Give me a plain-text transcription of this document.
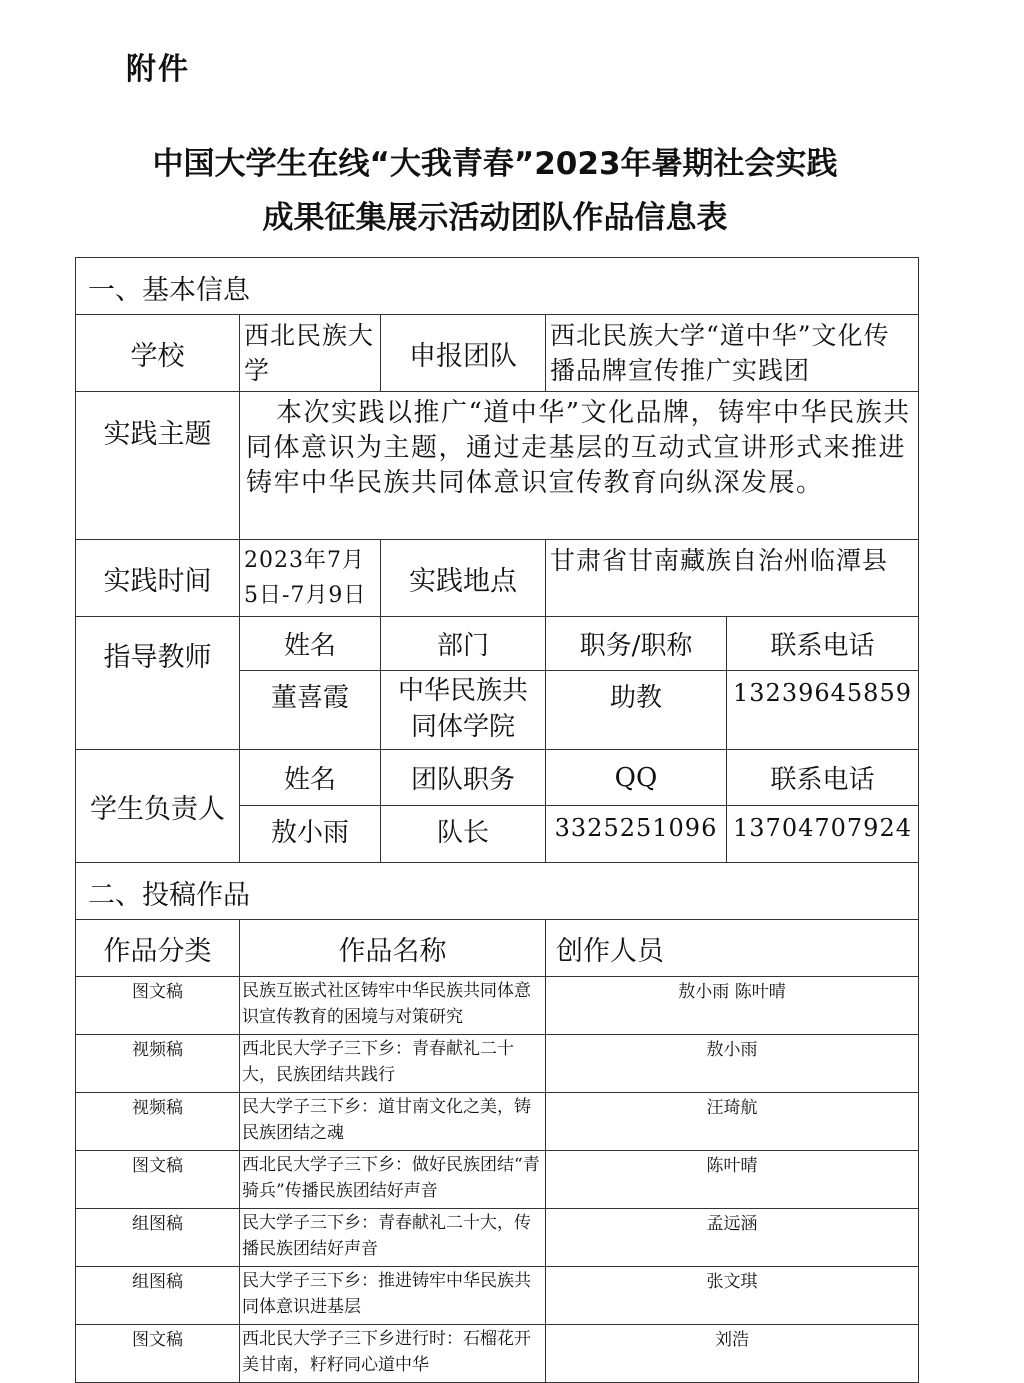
附件
中国大学生在线“大我青春”2023年暑期社会实践
成果征集展示活动团队作品信息表
一、基本信息				
学校	西北民族大学	申报团队	西北民族大学“道中华”文化传播品牌宣传推广实践团	
实践主题	本次实践以推广“道中华”文化品牌，铸牢中华民族共同体意识为主题，通过走基层的互动式宣讲形式来推进铸牢中华民族共同体意识宣传教育向纵深发展。			
实践时间	2023年7月5日-7月9日	实践地点	甘肃省甘南藏族自治州临潭县	
指导教师	姓名	部门	职务/职称	联系电话
	董喜霞	中华民族共同体学院	助教	13239645859
学生负责人	姓名	团队职务	QQ	联系电话
	敖小雨	队长	3325251096	13704707924
二、投稿作品				
作品分类	作品名称		创作人员	
图文稿	民族互嵌式社区铸牢中华民族共同体意识宣传教育的困境与对策研究		敖小雨 陈叶晴	
视频稿	西北民大学子三下乡：青春献礼二十大，民族团结共践行		敖小雨	
视频稿	民大学子三下乡：道甘南文化之美，铸民族团结之魂		汪琦航	
图文稿	西北民大学子三下乡：做好民族团结“青骑兵”传播民族团结好声音		陈叶晴	
组图稿	民大学子三下乡：青春献礼二十大，传播民族团结好声音		孟远涵	
组图稿	民大学子三下乡：推进铸牢中华民族共同体意识进基层		张文琪	
图文稿	西北民大学子三下乡进行时：石榴花开美甘南，籽籽同心道中华		刘浩	
